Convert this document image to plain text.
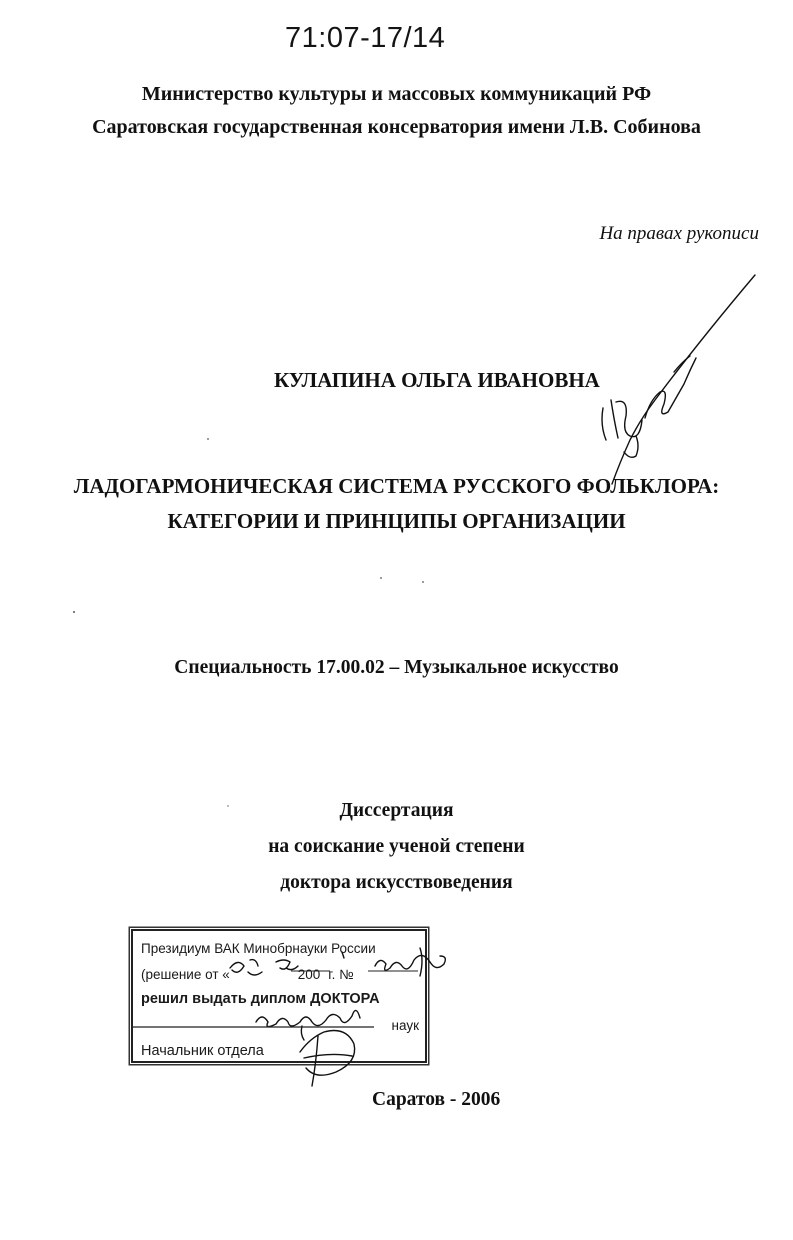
71:07-17/14
Министерство культуры и массовых коммуникаций РФ
Саратовская государственная консерватория имени Л.В. Собинова
На правах рукописи
КУЛАПИНА ОЛЬГА ИВАНОВНА
ЛАДОГАРМОНИЧЕСКАЯ СИСТЕМА РУССКОГО ФОЛЬКЛОРА:
КАТЕГОРИИ И ПРИНЦИПЫ ОРГАНИЗАЦИИ
Специальность 17.00.02 – Музыкальное искусство
Диссертация
на соискание ученой степени
доктора искусствоведения
Президиум ВАК Минобрнауки России
(решение от «	200 г. №
решил выдать диплом ДОКТОРА
наук
Начальник отдела
Саратов - 2006
